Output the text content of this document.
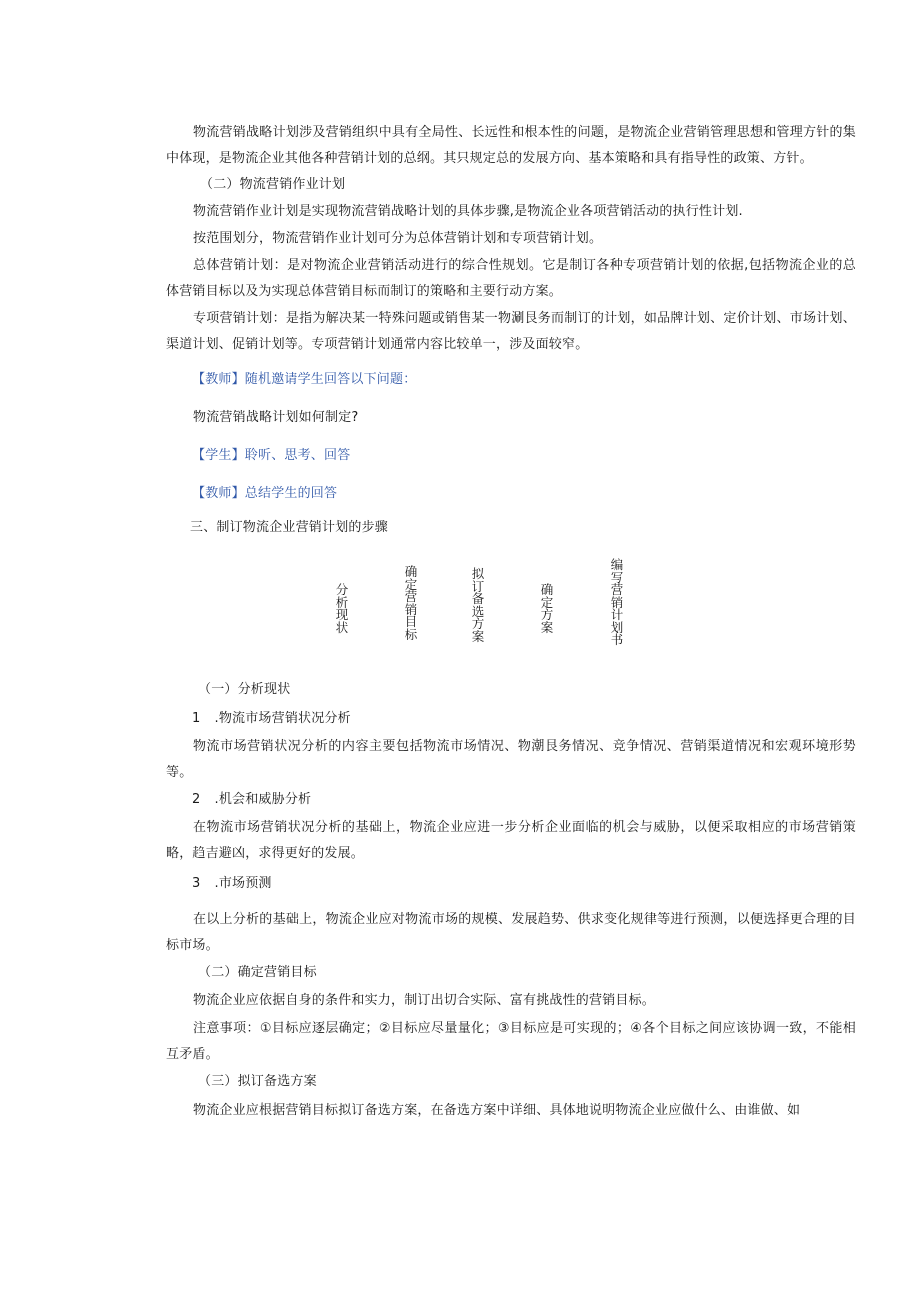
物流营销战略计划涉及营销组织中具有全局性、长远性和根本性的问题，是物流企业营销管理思想和管理方针的集中体现，是物流企业其他各种营销计划的总纲。其只规定总的发展方向、基本策略和具有指导性的政策、方针。

（二）物流营销作业计划

物流营销作业计划是实现物流营销战略计划的具体步骤,是物流企业各项营销活动的执行性计划.

按范围划分，物流营销作业计划可分为总体营销计划和专项营销计划。

总体营销计划：是对物流企业营销活动进行的综合性规划。它是制订各种专项营销计划的依据,包括物流企业的总体营销目标以及为实现总体营销目标而制订的策略和主要行动方案。

专项营销计划：是指为解决某一特殊问题或销售某一物涮艮务而制订的计划，如品牌计划、定价计划、市场计划、渠道计划、促销计划等。专项营销计划通常内容比较单一，涉及面较窄。

【教师】随机邀请学生回答以下问题：

物流营销战略计划如何制定?

【学生】聆听、思考、回答

【教师】总结学生的回答

三、制订物流企业营销计划的步骤

分析现状
确定营销目标
拟订备选方案
确定方案
编写营销计划书

（一）分析现状

1 .物流市场营销状况分析

物流市场营销状况分析的内容主要包括物流市场情况、物潮艮务情况、竞争情况、营销渠道情况和宏观环境形势等。

2 .机会和威胁分析

在物流市场营销状况分析的基础上，物流企业应进一步分析企业面临的机会与威胁，以便采取相应的市场营销策略，趋吉避凶，求得更好的发展。

3 .市场预测

在以上分析的基础上，物流企业应对物流市场的规模、发展趋势、供求变化规律等进行预测，以便选择更合理的目标市场。

（二）确定营销目标

物流企业应依据自身的条件和实力，制订出切合实际、富有挑战性的营销目标。

注意事项：①目标应逐层确定；②目标应尽量量化；③目标应是可实现的；④各个目标之间应该协调一致，不能相互矛盾。

（三）拟订备选方案

物流企业应根据营销目标拟订备选方案，在备选方案中详细、具体地说明物流企业应做什么、由谁做、如
